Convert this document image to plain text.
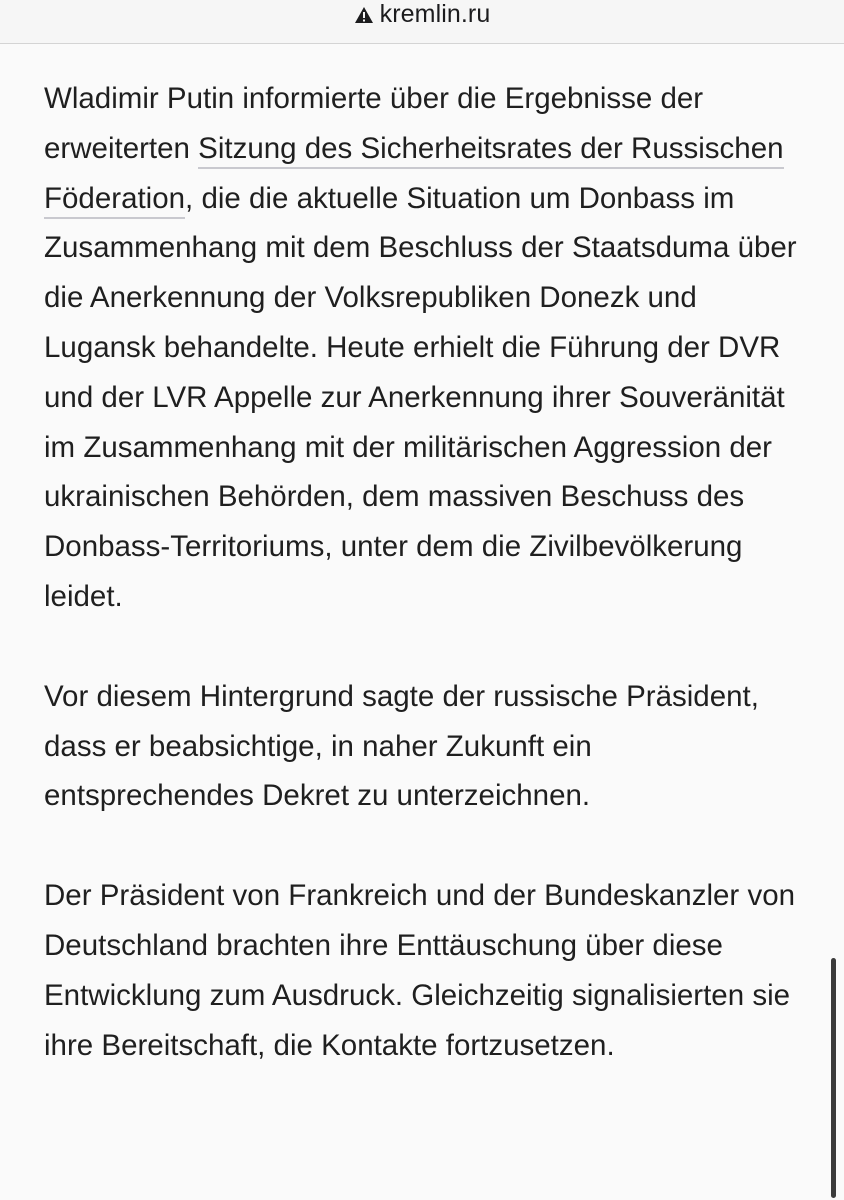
kremlin.ru

Wladimir Putin informierte über die Ergebnisse der erweiterten Sitzung des Sicherheitsrates der Russischen Föderation, die die aktuelle Situation um Donbass im Zusammenhang mit dem Beschluss der Staatsduma über die Anerkennung der Volksrepubliken Donezk und Lugansk behandelte. Heute erhielt die Führung der DVR und der LVR Appelle zur Anerkennung ihrer Souveränität im Zusammenhang mit der militärischen Aggression der ukrainischen Behörden, dem massiven Beschuss des Donbass-Territoriums, unter dem die Zivilbevölkerung leidet.

Vor diesem Hintergrund sagte der russische Präsident, dass er beabsichtige, in naher Zukunft ein entsprechendes Dekret zu unterzeichnen.

Der Präsident von Frankreich und der Bundeskanzler von Deutschland brachten ihre Enttäuschung über diese Entwicklung zum Ausdruck. Gleichzeitig signalisierten sie ihre Bereitschaft, die Kontakte fortzusetzen.
